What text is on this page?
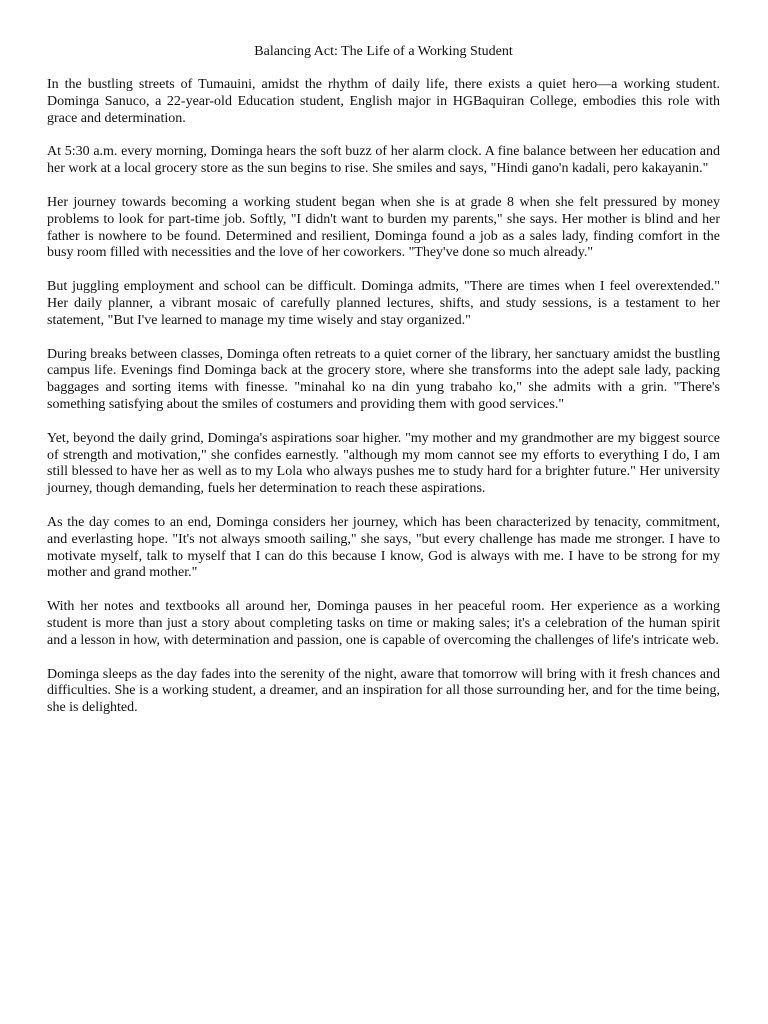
Balancing Act: The Life of a Working Student

In the bustling streets of Tumauini, amidst the rhythm of daily life, there exists a quiet hero—a working student. Dominga Sanuco, a 22-year-old Education student, English major in HGBaquiran College, embodies this role with grace and determination.

At 5:30 a.m. every morning, Dominga hears the soft buzz of her alarm clock. A fine balance between her education and her work at a local grocery store as the sun begins to rise. She smiles and says, "Hindi gano'n kadali, pero kakayanin."

Her journey towards becoming a working student began when she is at grade 8 when she felt pressured by money problems to look for part-time job. Softly, "I didn't want to burden my parents," she says. Her mother is blind and her father is nowhere to be found. Determined and resilient, Dominga found a job as a sales lady, finding comfort in the busy room filled with necessities and the love of her coworkers. "They've done so much already."

But juggling employment and school can be difficult. Dominga admits, "There are times when I feel overextended." Her daily planner, a vibrant mosaic of carefully planned lectures, shifts, and study sessions, is a testament to her statement, "But I've learned to manage my time wisely and stay organized."

During breaks between classes, Dominga often retreats to a quiet corner of the library, her sanctuary amidst the bustling campus life. Evenings find Dominga back at the grocery store, where she transforms into the adept sale lady, packing baggages and sorting items with finesse. "minahal ko na din yung trabaho ko," she admits with a grin. "There's something satisfying about the smiles of costumers and providing them with good services."

Yet, beyond the daily grind, Dominga's aspirations soar higher. "my mother and my grandmother are my biggest source of strength and motivation," she confides earnestly. "although my mom cannot see my efforts to everything I do, I am still blessed to have her as well as to my Lola who always pushes me to study hard for a brighter future." Her university journey, though demanding, fuels her determination to reach these aspirations.

As the day comes to an end, Dominga considers her journey, which has been characterized by tenacity, commitment, and everlasting hope. "It's not always smooth sailing," she says, "but every challenge has made me stronger. I have to motivate myself, talk to myself that I can do this because I know, God is always with me. I have to be strong for my mother and grand mother."

With her notes and textbooks all around her, Dominga pauses in her peaceful room. Her experience as a working student is more than just a story about completing tasks on time or making sales; it's a celebration of the human spirit and a lesson in how, with determination and passion, one is capable of overcoming the challenges of life's intricate web.

Dominga sleeps as the day fades into the serenity of the night, aware that tomorrow will bring with it fresh chances and difficulties. She is a working student, a dreamer, and an inspiration for all those surrounding her, and for the time being, she is delighted.
